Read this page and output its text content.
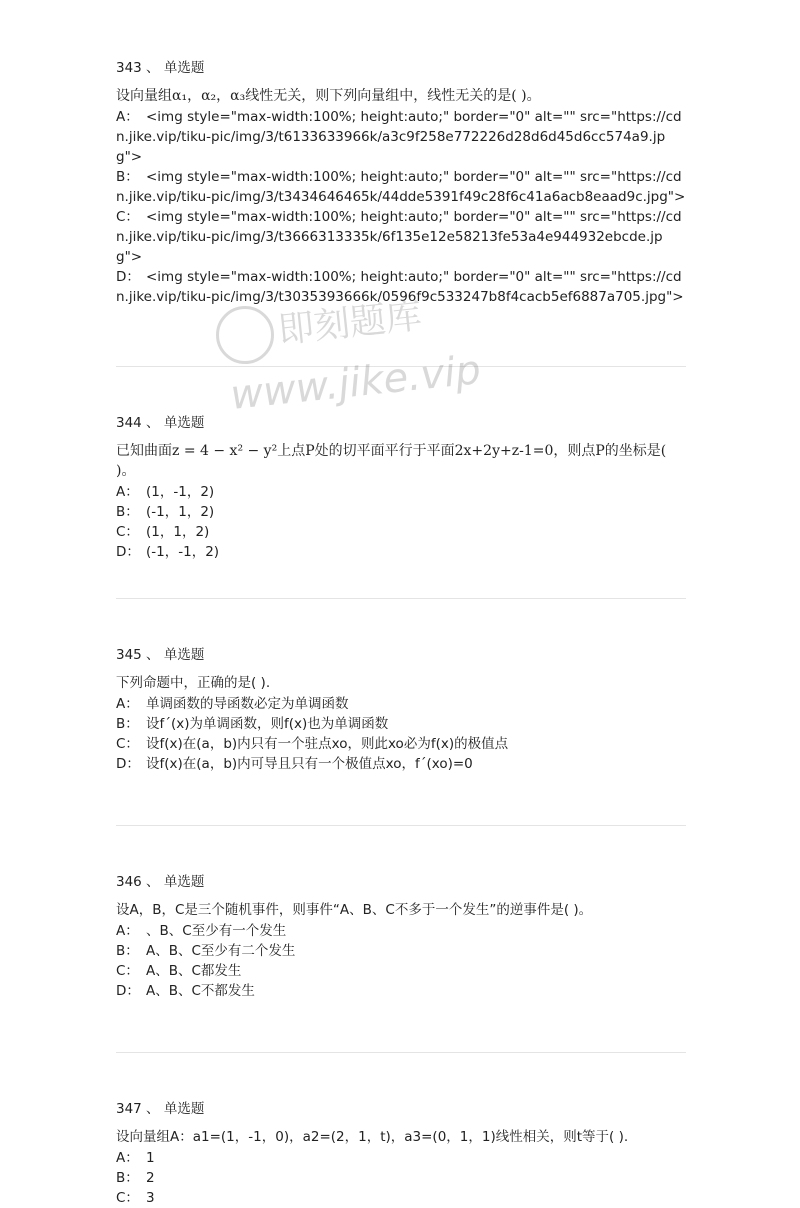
343 、 单选题
设向量组α₁，α₂，α₃线性无关，则下列向量组中，线性无关的是( )。
A： <img style="max-width:100%; height:auto;" border="0" alt="" src="https://cdn.jike.vip/tiku-pic/img/3/t6133633966k/a3c9f258e772226d28d6d45d6cc574a9.jpg">
B： <img style="max-width:100%; height:auto;" border="0" alt="" src="https://cdn.jike.vip/tiku-pic/img/3/t3434646465k/44dde5391f49c28f6c41a6acb8eaad9c.jpg">
C： <img style="max-width:100%; height:auto;" border="0" alt="" src="https://cdn.jike.vip/tiku-pic/img/3/t3666313335k/6f135e12e58213fe53a4e944932ebcde.jpg">
D： <img style="max-width:100%; height:auto;" border="0" alt="" src="https://cdn.jike.vip/tiku-pic/img/3/t3035393666k/0596f9c533247b8f4cacb5ef6887a705.jpg">
344 、 单选题
已知曲面z = 4 − x² − y²上点P处的切平面平行于平面2x+2y+z-1=0，则点P的坐标是( )。
A： (1，-1，2)
B： (-1，1，2)
C： (1，1，2)
D： (-1，-1，2)
345 、 单选题
下列命题中，正确的是( ).
A： 单调函数的导函数必定为单调函数
B： 设f´(x)为单调函数，则f(x)也为单调函数
C： 设f(x)在(a，b)内只有一个驻点xo，则此xo必为f(x)的极值点
D： 设f(x)在(a，b)内可导且只有一个极值点xo，f´(xo)=0
346 、 单选题
设A，B，C是三个随机事件，则事件“A、B、C不多于一个发生”的逆事件是( )。
A： 、B、C至少有一个发生
B： A、B、C至少有二个发生
C： A、B、C都发生
D： A、B、C不都发生
347 、 单选题
设向量组A：a1=(1，-1，0)，a2=(2，1，t)，a3=(0，1，1)线性相关，则t等于( ).
A： 1
B： 2
C： 3
即刻题库
www.jike.vip
